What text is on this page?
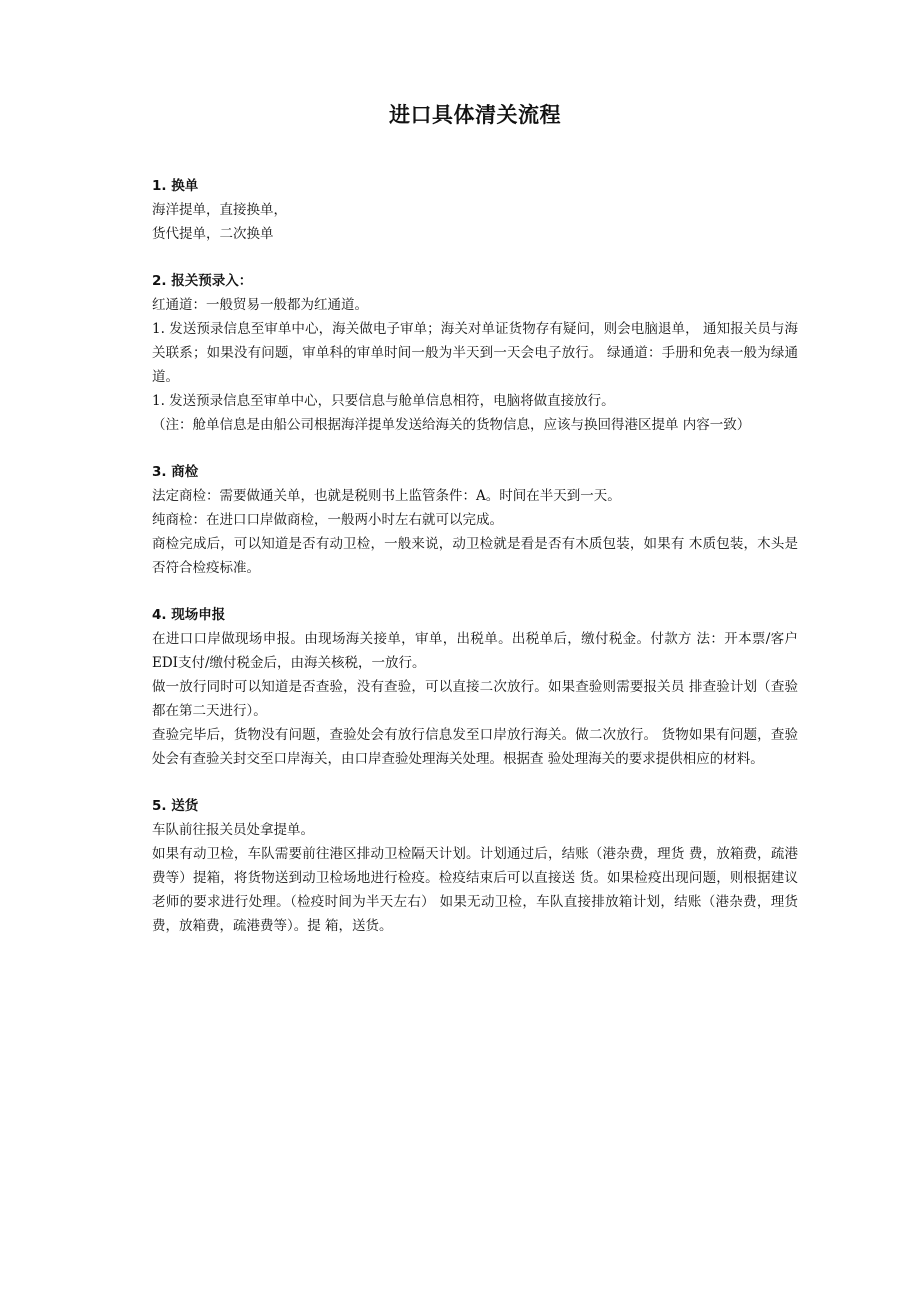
进口具体清关流程
1. 换单

海洋提单，直接换单，

货代提单，二次换单

2. 报关预录入：

红通道：一般贸易一般都为红通道。

1. 发送预录信息至审单中心，海关做电子审单；海关对单证货物存有疑问，则会电脑退单， 通知报关员与海关联系；如果没有问题，审单科的审单时间一般为半天到一天会电子放行。 绿通道：手册和免表一般为绿通道。

1. 发送预录信息至审单中心，只要信息与舱单信息相符，电脑将做直接放行。

（注：舱单信息是由船公司根据海洋提单发送给海关的货物信息，应该与换回得港区提单 内容一致）

3. 商检

法定商检：需要做通关单，也就是税则书上监管条件：A。时间在半天到一天。

纯商检：在进口口岸做商检，一般两小时左右就可以完成。

商检完成后，可以知道是否有动卫检，一般来说，动卫检就是看是否有木质包装，如果有 木质包装，木头是否符合检疫标准。

4. 现场申报

在进口口岸做现场申报。由现场海关接单，审单，出税单。出税单后，缴付税金。付款方 法：开本票/客户EDI支付/缴付税金后，由海关核税，一放行。

做一放行同时可以知道是否查验，没有查验，可以直接二次放行。如果查验则需要报关员 排查验计划（查验都在第二天进行）。

查验完毕后，货物没有问题，查验处会有放行信息发至口岸放行海关。做二次放行。 货物如果有问题，查验处会有查验关封交至口岸海关，由口岸查验处理海关处理。根据查 验处理海关的要求提供相应的材料。

5. 送货

车队前往报关员处拿提单。

如果有动卫检，车队需要前往港区排动卫检隔天计划。计划通过后，结账（港杂费，理货 费，放箱费，疏港费等）提箱，将货物送到动卫检场地进行检疫。检疫结束后可以直接送 货。如果检疫出现问题，则根据建议老师的要求进行处理。（检疫时间为半天左右） 如果无动卫检，车队直接排放箱计划，结账（港杂费，理货费，放箱费，疏港费等）。提 箱，送货。
